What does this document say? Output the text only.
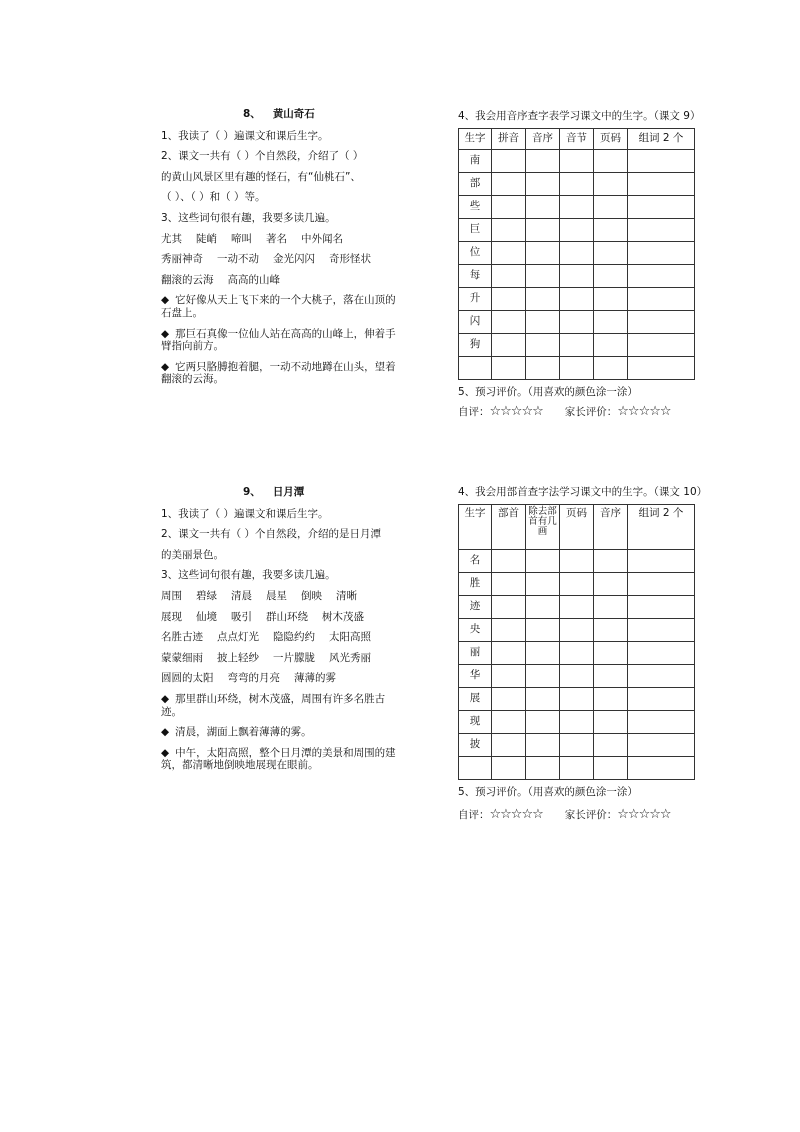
8、 黄山奇石
1、我读了（ ）遍课文和课后生字。
2、课文一共有（ ）个自然段，介绍了（ ）
的黄山风景区里有趣的怪石，有“仙桃石”、
（ ）、（ ）和（ ）等。
3、这些词句很有趣，我要多读几遍。
尤其 陡峭 啼叫 著名 中外闻名
秀丽神奇 一动不动 金光闪闪 奇形怪状
翻滚的云海 高高的山峰
◆ 它好像从天上飞下来的一个大桃子，落在山顶的石盘上。
◆ 那巨石真像一位仙人站在高高的山峰上，伸着手臂指向前方。
◆ 它两只胳膊抱着腿，一动不动地蹲在山头，望着翻滚的云海。
4、我会用音序查字表学习课文中的生字。（课文 9）
生字	拼音	音序	音节	页码	组词 2 个
南					
部					
些					
巨					
位					
每					
升					
闪					
狗					

5、预习评价。（用喜欢的颜色涂一涂）
自评：☆☆☆☆☆ 家长评价：☆☆☆☆☆
9、 日月潭
1、我读了（ ）遍课文和课后生字。
2、课文一共有（ ）个自然段，介绍的是日月潭
的美丽景色。
3、这些词句很有趣，我要多读几遍。
周围 碧绿 清晨 晨星 倒映 清晰
展现 仙境 吸引 群山环绕 树木茂盛
名胜古迹 点点灯光 隐隐约约 太阳高照
蒙蒙细雨 披上轻纱 一片朦胧 风光秀丽
圆圆的太阳 弯弯的月亮 薄薄的雾
◆ 那里群山环绕，树木茂盛，周围有许多名胜古迹。
◆ 清晨，湖面上飘着薄薄的雾。
◆ 中午，太阳高照，整个日月潭的美景和周围的建筑，都清晰地倒映地展现在眼前。
4、我会用部首查字法学习课文中的生字。（课文 10）
生字	部首	除去部首有几画	页码	音序	组词 2 个
名					
胜					
迹					
央					
丽					
华					
展					
现					
披					

5、预习评价。（用喜欢的颜色涂一涂）
自评：☆☆☆☆☆ 家长评价：☆☆☆☆☆
